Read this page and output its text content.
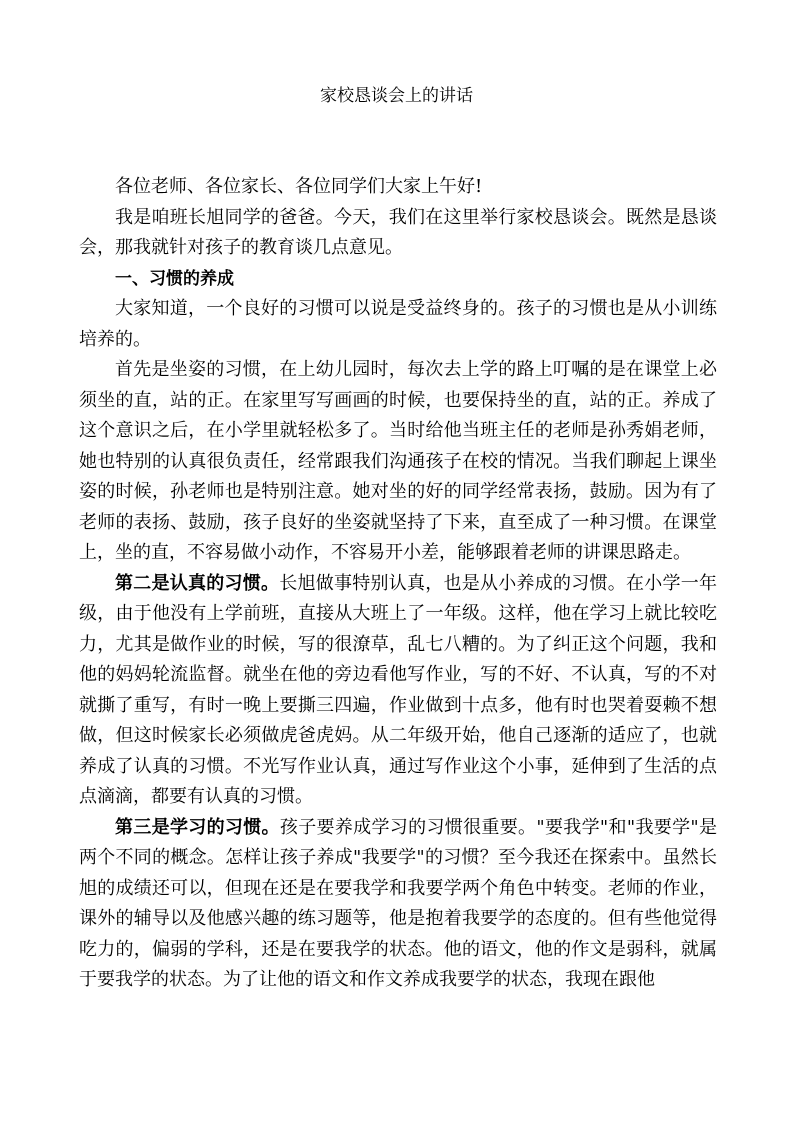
家校恳谈会上的讲话

各位老师、各位家长、各位同学们大家上午好!

我是咱班长旭同学的爸爸。今天，我们在这里举行家校恳谈会。既然是恳谈会，那我就针对孩子的教育谈几点意见。

一、习惯的养成

大家知道，一个良好的习惯可以说是受益终身的。孩子的习惯也是从小训练培养的。

首先是坐姿的习惯，在上幼儿园时，每次去上学的路上叮嘱的是在课堂上必须坐的直，站的正。在家里写写画画的时候，也要保持坐的直，站的正。养成了这个意识之后，在小学里就轻松多了。当时给他当班主任的老师是孙秀娟老师，她也特别的认真很负责任，经常跟我们沟通孩子在校的情况。当我们聊起上课坐姿的时候，孙老师也是特别注意。她对坐的好的同学经常表扬，鼓励。因为有了老师的表扬、鼓励，孩子良好的坐姿就坚持了下来，直至成了一种习惯。在课堂上，坐的直，不容易做小动作，不容易开小差，能够跟着老师的讲课思路走。

第二是认真的习惯。长旭做事特别认真，也是从小养成的习惯。在小学一年级，由于他没有上学前班，直接从大班上了一年级。这样，他在学习上就比较吃力，尤其是做作业的时候，写的很潦草，乱七八糟的。为了纠正这个问题，我和他的妈妈轮流监督。就坐在他的旁边看他写作业，写的不好、不认真，写的不对就撕了重写，有时一晚上要撕三四遍，作业做到十点多，他有时也哭着耍赖不想做，但这时候家长必须做虎爸虎妈。从二年级开始，他自己逐渐的适应了，也就养成了认真的习惯。不光写作业认真，通过写作业这个小事，延伸到了生活的点点滴滴，都要有认真的习惯。

第三是学习的习惯。孩子要养成学习的习惯很重要。"要我学"和"我要学"是两个不同的概念。怎样让孩子养成"我要学"的习惯？至今我还在探索中。虽然长旭的成绩还可以，但现在还是在要我学和我要学两个角色中转变。老师的作业，课外的辅导以及他感兴趣的练习题等，他是抱着我要学的态度的。但有些他觉得吃力的，偏弱的学科，还是在要我学的状态。他的语文，他的作文是弱科，就属于要我学的状态。为了让他的语文和作文养成我要学的状态，我现在跟他
